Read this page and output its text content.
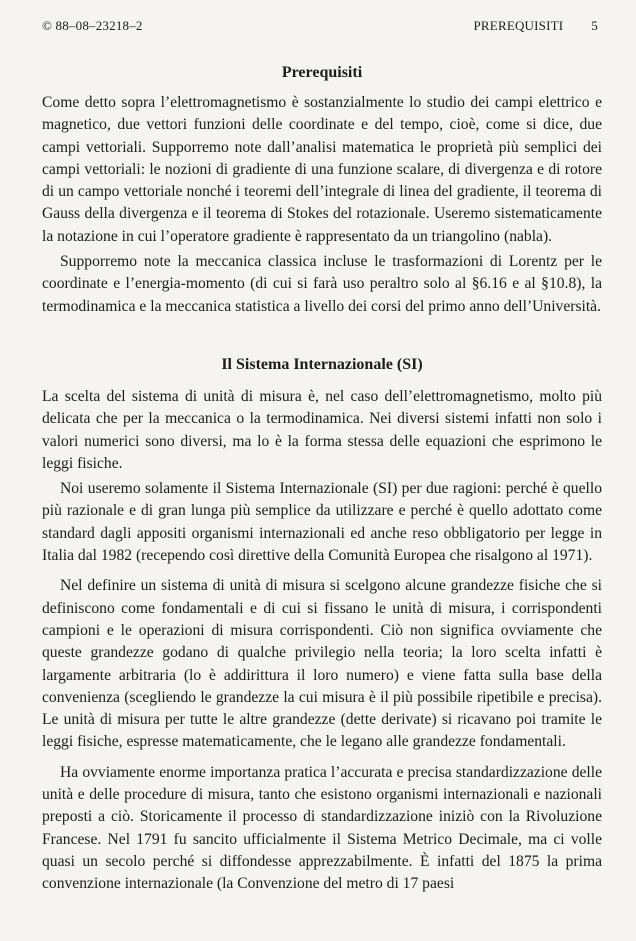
© 88–08–23218–2	PREREQUISITI 5
Prerequisiti

Come detto sopra l’elettromagnetismo è sostanzialmente lo studio dei campi elettrico e magnetico, due vettori funzioni delle coordinate e del tempo, cioè, come si dice, due campi vettoriali. Supporremo note dall’analisi matematica le proprietà più semplici dei campi vettoriali: le nozioni di gradiente di una funzione scalare, di divergenza e di rotore di un campo vettoriale nonché i teoremi dell’integrale di linea del gradiente, il teorema di Gauss della divergenza e il teorema di Stokes del rotazionale. Useremo sistematicamente la notazione in cui l’operatore gradiente è rappresentato da un triangolino (nabla).

Supporremo note la meccanica classica incluse le trasformazioni di Lorentz per le coordinate e l’energia-momento (di cui si farà uso peraltro solo al §6.16 e al §10.8), la termodinamica e la meccanica statistica a livello dei corsi del primo anno dell’Università.

Il Sistema Internazionale (SI)

La scelta del sistema di unità di misura è, nel caso dell’elettromagnetismo, molto più delicata che per la meccanica o la termodinamica. Nei diversi sistemi infatti non solo i valori numerici sono diversi, ma lo è la forma stessa delle equazioni che esprimono le leggi fisiche.

Noi useremo solamente il Sistema Internazionale (SI) per due ragioni: perché è quello più razionale e di gran lunga più semplice da utilizzare e perché è quello adottato come standard dagli appositi organismi internazionali ed anche reso obbligatorio per legge in Italia dal 1982 (recependo così direttive della Comunità Europea che risalgono al 1971).

Nel definire un sistema di unità di misura si scelgono alcune grandezze fisiche che si definiscono come fondamentali e di cui si fissano le unità di misura, i corrispondenti campioni e le operazioni di misura corrispondenti. Ciò non significa ovviamente che queste grandezze godano di qualche privilegio nella teoria; la loro scelta infatti è largamente arbitraria (lo è addirittura il loro numero) e viene fatta sulla base della convenienza (scegliendo le grandezze la cui misura è il più possibile ripetibile e precisa). Le unità di misura per tutte le altre grandezze (dette derivate) si ricavano poi tramite le leggi fisiche, espresse matematicamente, che le legano alle grandezze fondamentali.

Ha ovviamente enorme importanza pratica l’accurata e precisa standardizzazione delle unità e delle procedure di misura, tanto che esistono organismi internazionali e nazionali preposti a ciò. Storicamente il processo di standardizzazione iniziò con la Rivoluzione Francese. Nel 1791 fu sancito ufficialmente il Sistema Metrico Decimale, ma ci volle quasi un secolo perché si diffondesse apprezzabilmente. È infatti del 1875 la prima convenzione internazionale (la Convenzione del metro di 17 paesi
